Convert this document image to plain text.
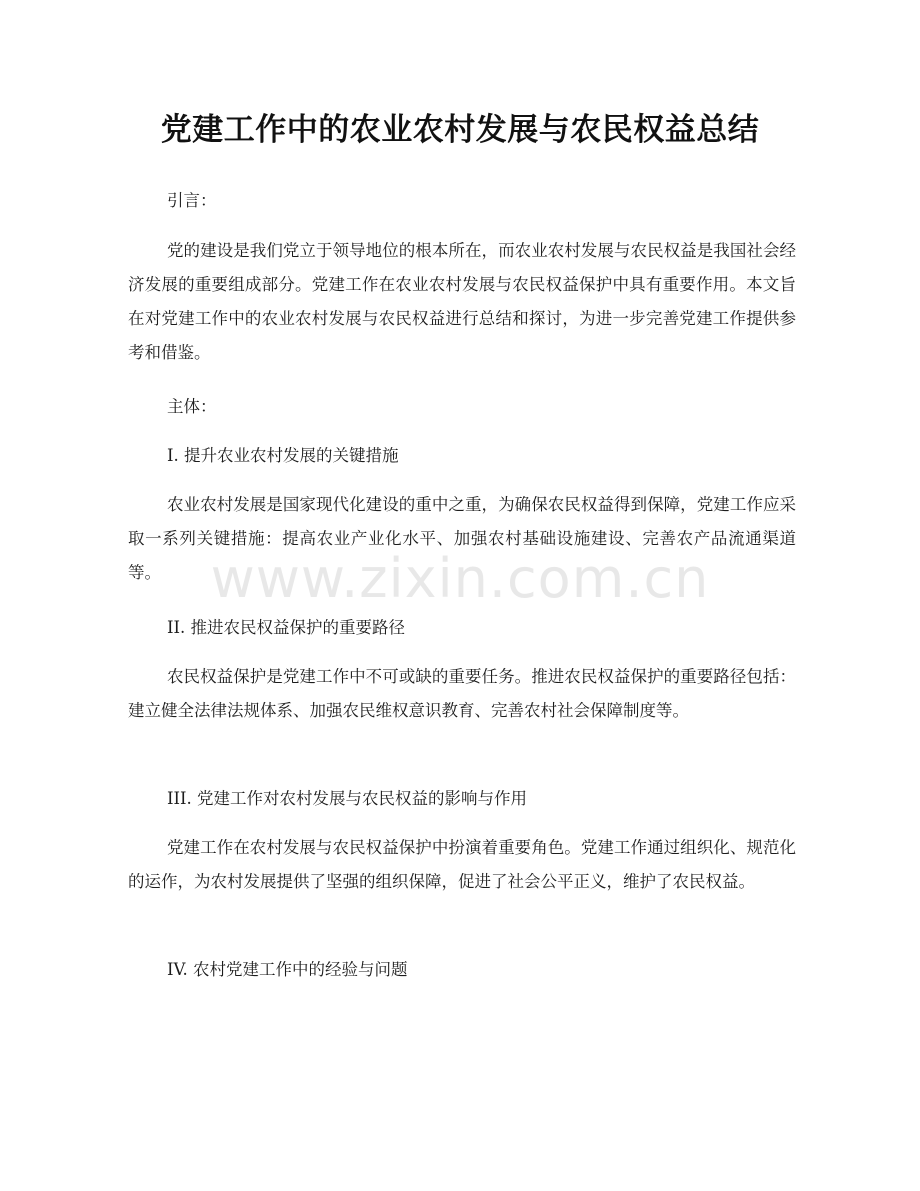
党建工作中的农业农村发展与农民权益总结

引言：

党的建设是我们党立于领导地位的根本所在，而农业农村发展与农民权益是我国社会经济发展的重要组成部分。党建工作在农业农村发展与农民权益保护中具有重要作用。本文旨在对党建工作中的农业农村发展与农民权益进行总结和探讨，为进一步完善党建工作提供参考和借鉴。

主体：

I. 提升农业农村发展的关键措施

农业农村发展是国家现代化建设的重中之重，为确保农民权益得到保障，党建工作应采取一系列关键措施：提高农业产业化水平、加强农村基础设施建设、完善农产品流通渠道等。

II. 推进农民权益保护的重要路径

农民权益保护是党建工作中不可或缺的重要任务。推进农民权益保护的重要路径包括：建立健全法律法规体系、加强农民维权意识教育、完善农村社会保障制度等。

III. 党建工作对农村发展与农民权益的影响与作用

党建工作在农村发展与农民权益保护中扮演着重要角色。党建工作通过组织化、规范化的运作，为农村发展提供了坚强的组织保障，促进了社会公平正义，维护了农民权益。

IV. 农村党建工作中的经验与问题

www.zixin.com.cn
